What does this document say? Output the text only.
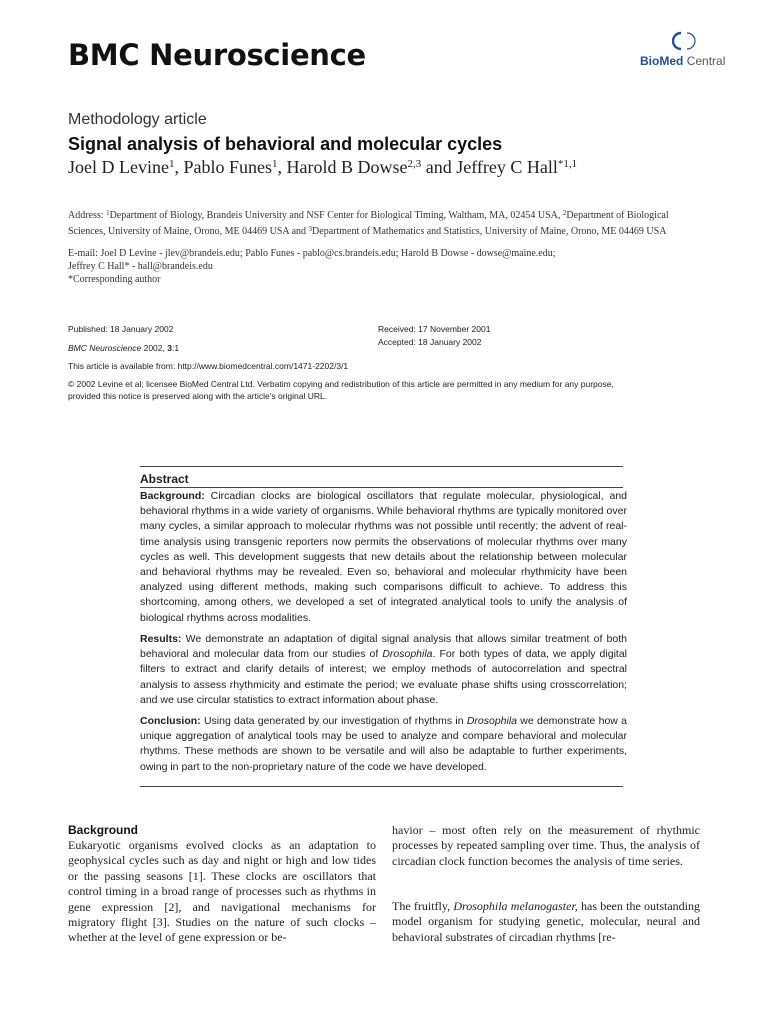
BMC Neuroscience	BioMed Central
Methodology article
Signal analysis of behavioral and molecular cycles
Joel D Levine$^1$, Pablo Funes$^1$, Harold B Dowse$^{2,3}$ and Jeffrey C Hall$^{*1,1}$
Address: $^1$Department of Biology, Brandeis University and NSF Center for Biological Timing, Waltham, MA, 02454 USA, $^2$Department of Biological Sciences, University of Maine, Orono, ME 04469 USA and $^3$Department of Mathematics and Statistics, University of Maine, Orono, ME 04469 USA
E-mail: Joel D Levine - jlev@brandeis.edu; Pablo Funes - pablo@cs.brandeis.edu; Harold B Dowse - dowse@maine.edu;
Jeffrey C Hall* - hall@brandeis.edu
*Corresponding author
Published: 18 January 2002	Received: 17 November 2001
Accepted: 18 January 2002
BMC Neuroscience 2002, 3:1
This article is available from: http://www.biomedcentral.com/1471-2202/3/1
© 2002 Levine et al; licensee BioMed Central Ltd. Verbatim copying and redistribution of this article are permitted in any medium for any purpose,
provided this notice is preserved along with the article's original URL.
Abstract
Background: Circadian clocks are biological oscillators that regulate molecular, physiological, and behavioral rhythms in a wide variety of organisms. While behavioral rhythms are typically monitored over many cycles, a similar approach to molecular rhythms was not possible until recently; the advent of real-time analysis using transgenic reporters now permits the observations of molecular rhythms over many cycles as well. This development suggests that new details about the relationship between molecular and behavioral rhythms may be revealed. Even so, behavioral and molecular rhythmicity have been analyzed using different methods, making such comparisons difficult to achieve. To address this shortcoming, among others, we developed a set of integrated analytical tools to unify the analysis of biological rhythms across modalities.
Results: We demonstrate an adaptation of digital signal analysis that allows similar treatment of both behavioral and molecular data from our studies of Drosophila. For both types of data, we apply digital filters to extract and clarify details of interest; we employ methods of autocorrelation and spectral analysis to assess rhythmicity and estimate the period; we evaluate phase shifts using crosscorrelation; and we use circular statistics to extract information about phase.
Conclusion: Using data generated by our investigation of rhythms in Drosophila we demonstrate how a unique aggregation of analytical tools may be used to analyze and compare behavioral and molecular rhythms. These methods are shown to be versatile and will also be adaptable to further experiments, owing in part to the non-proprietary nature of the code we have developed.
Background
Eukaryotic organisms evolved clocks as an adaptation to geophysical cycles such as day and night or high and low tides or the passing seasons [1]. These clocks are oscillators that control timing in a broad range of processes such as rhythms in gene expression [2], and navigational mechanisms for migratory flight [3]. Studies on the nature of such clocks – whether at the level of gene expression or be-
havior – most often rely on the measurement of rhythmic processes by repeated sampling over time. Thus, the analysis of circadian clock function becomes the analysis of time series.
The fruitfly, Drosophila melanogaster, has been the outstanding model organism for studying genetic, molecular, neural and behavioral substrates of circadian rhythms [re-
